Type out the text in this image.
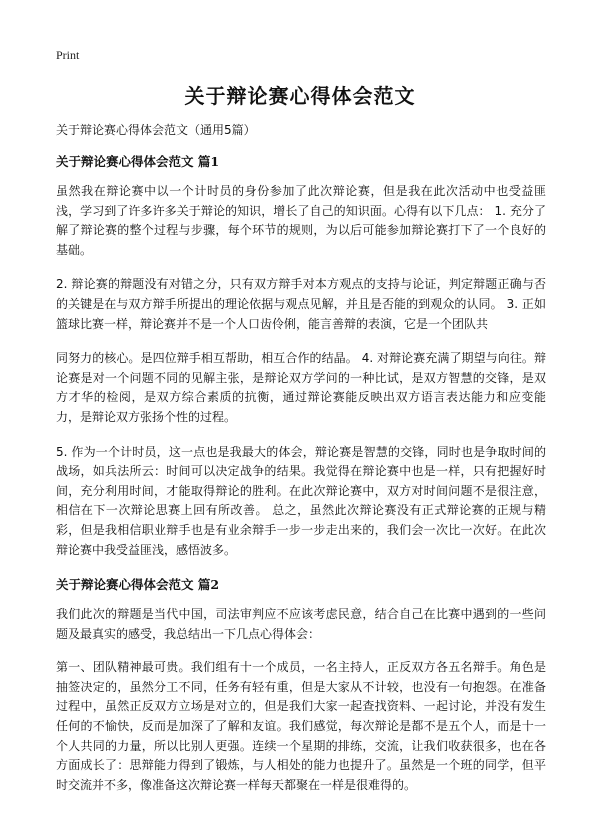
Print
关于辩论赛心得体会范文

关于辩论赛心得体会范文（通用5篇）

关于辩论赛心得体会范文 篇1

虽然我在辩论赛中以一个计时员的身份参加了此次辩论赛，但是我在此次活动中也受益匪浅，学习到了许多许多关于辩论的知识，增长了自己的知识面。心得有以下几点： 1. 充分了解了辩论赛的整个过程与步骤，每个环节的规则，为以后可能参加辩论赛打下了一个良好的基础。

2. 辩论赛的辩题没有对错之分，只有双方辩手对本方观点的支持与论证，判定辩题正确与否的关键是在与双方辩手所提出的理论依据与观点见解，并且是否能的到观众的认同。 3. 正如篮球比赛一样，辩论赛并不是一个人口齿伶俐，能言善辩的表演，它是一个团队共

同努力的核心。是四位辩手相互帮助，相互合作的结晶。 4. 对辩论赛充满了期望与向往。辩论赛是对一个问题不同的见解主张，是辩论双方学问的一种比试，是双方智慧的交锋，是双方才华的检阅，是双方综合素质的抗衡，通过辩论赛能反映出双方语言表达能力和应变能力，是辩论双方张扬个性的过程。

5. 作为一个计时员，这一点也是我最大的体会，辩论赛是智慧的交锋，同时也是争取时间的战场，如兵法所云：时间可以决定战争的结果。我觉得在辩论赛中也是一样，只有把握好时间，充分利用时间，才能取得辩论的胜利。在此次辩论赛中，双方对时间问题不是很注意，相信在下一次辩论思赛上回有所改善。 总之，虽然此次辩论赛没有正式辩论赛的正规与精彩，但是我相信职业辩手也是有业余辩手一步一步走出来的，我们会一次比一次好。在此次辩论赛中我受益匪浅，感悟波多。

关于辩论赛心得体会范文 篇2

我们此次的辩题是当代中国，司法审判应不应该考虑民意，结合自己在比赛中遇到的一些问题及最真实的感受，我总结出一下几点心得体会：

第一、团队精神最可贵。我们组有十一个成员，一名主持人，正反双方各五名辩手。角色是抽签决定的，虽然分工不同，任务有轻有重，但是大家从不计较，也没有一句抱怨。在准备过程中，虽然正反双方立场是对立的，但是我们大家一起查找资料、一起讨论，并没有发生任何的不愉快，反而是加深了了解和友谊。我们感觉，每次辩论是都不是五个人，而是十一个人共同的力量，所以比别人更强。连续一个星期的排练，交流，让我们收获很多，也在各方面成长了：思辩能力得到了锻炼，与人相处的能力也提升了。虽然是一个班的同学，但平时交流并不多，像准备这次辩论赛一样每天都聚在一样是很难得的。
